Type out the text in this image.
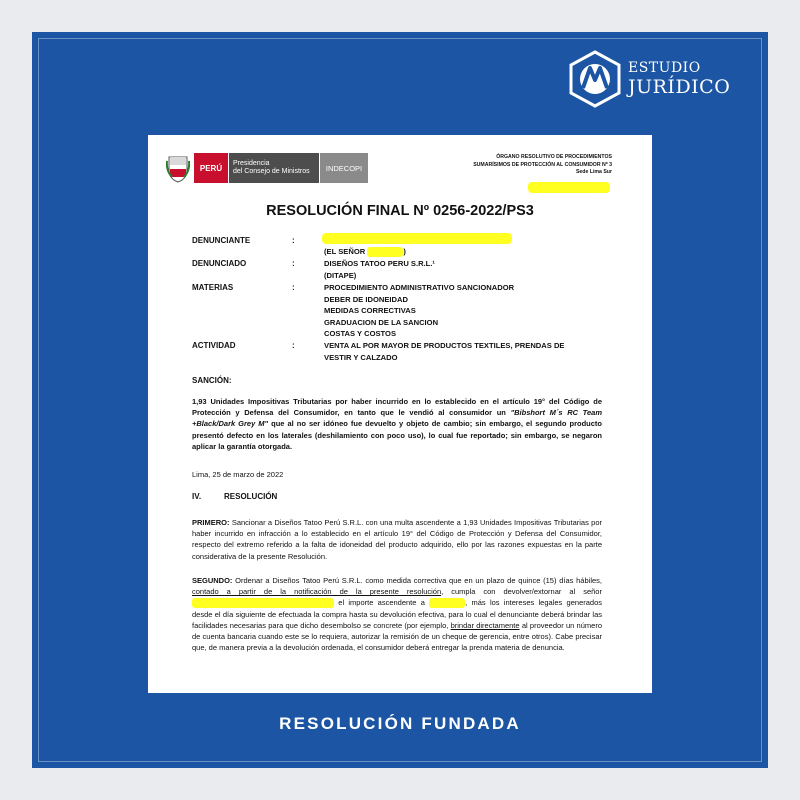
ESTUDIO
JURÍDICO
PERÚ	Presidencia
del Consejo de Ministros	INDECOPI
ÓRGANO RESOLUTIVO DE PROCEDIMIENTOS
SUMARÍSIMOS DE PROTECCIÓN AL CONSUMIDOR Nº 3
Sede Lima Sur
RESOLUCIÓN FINAL Nº 0256-2022/PS3
DENUNCIANTE	:
(EL SEÑOR	)
DENUNCIADO	:	DISEÑOS TATOO PERU S.R.L.¹
(DITAPE)
MATERIAS	:	PROCEDIMIENTO ADMINISTRATIVO SANCIONADOR
DEBER DE IDONEIDAD
MEDIDAS CORRECTIVAS
GRADUACION DE LA SANCION
COSTAS Y COSTOS
ACTIVIDAD	:	VENTA AL POR MAYOR DE PRODUCTOS TEXTILES, PRENDAS DE
VESTIR Y CALZADO
SANCIÓN:
1,93 Unidades Impositivas Tributarias por haber incurrido en lo establecido en el artículo 19° del Código de Protección y Defensa del Consumidor, en tanto que le vendió al consumidor un "Bibshort M´s RC Team +Black/Dark Grey M" que al no ser idóneo fue devuelto y objeto de cambio; sin embargo, el segundo producto presentó defecto en los laterales (deshilamiento con poco uso), lo cual fue reportado; sin embargo, se negaron aplicar la garantía otorgada.
Lima, 25 de marzo de 2022
IV.	RESOLUCIÓN
PRIMERO: Sancionar a Diseños Tatoo Perú S.R.L. con una multa ascendente a 1,93 Unidades Impositivas Tributarias por haber incurrido en infracción a lo establecido en el artículo 19° del Código de Protección y Defensa del Consumidor, respecto del extremo referido a la falta de idoneidad del producto adquirido, ello por las razones expuestas en la parte considerativa de la presente Resolución.
SEGUNDO: Ordenar a Diseños Tatoo Perú S.R.L. como medida correctiva que en un plazo de quince (15) días hábiles, contado a partir de la notificación de la presente resolución, cumpla con devolver/extornar al señor  el importe ascendente a	, más los intereses legales generados desde el día siguiente de efectuada la compra hasta su devolución efectiva, para lo cual el denunciante deberá brindar las facilidades necesarias para que dicho desembolso se concrete (por ejemplo, brindar directamente al proveedor un número de cuenta bancaria cuando este se lo requiera, autorizar la remisión de un cheque de gerencia, entre otros). Cabe precisar que, de manera previa a la devolución ordenada, el consumidor deberá entregar la prenda materia de denuncia.
RESOLUCIÓN FUNDADA
